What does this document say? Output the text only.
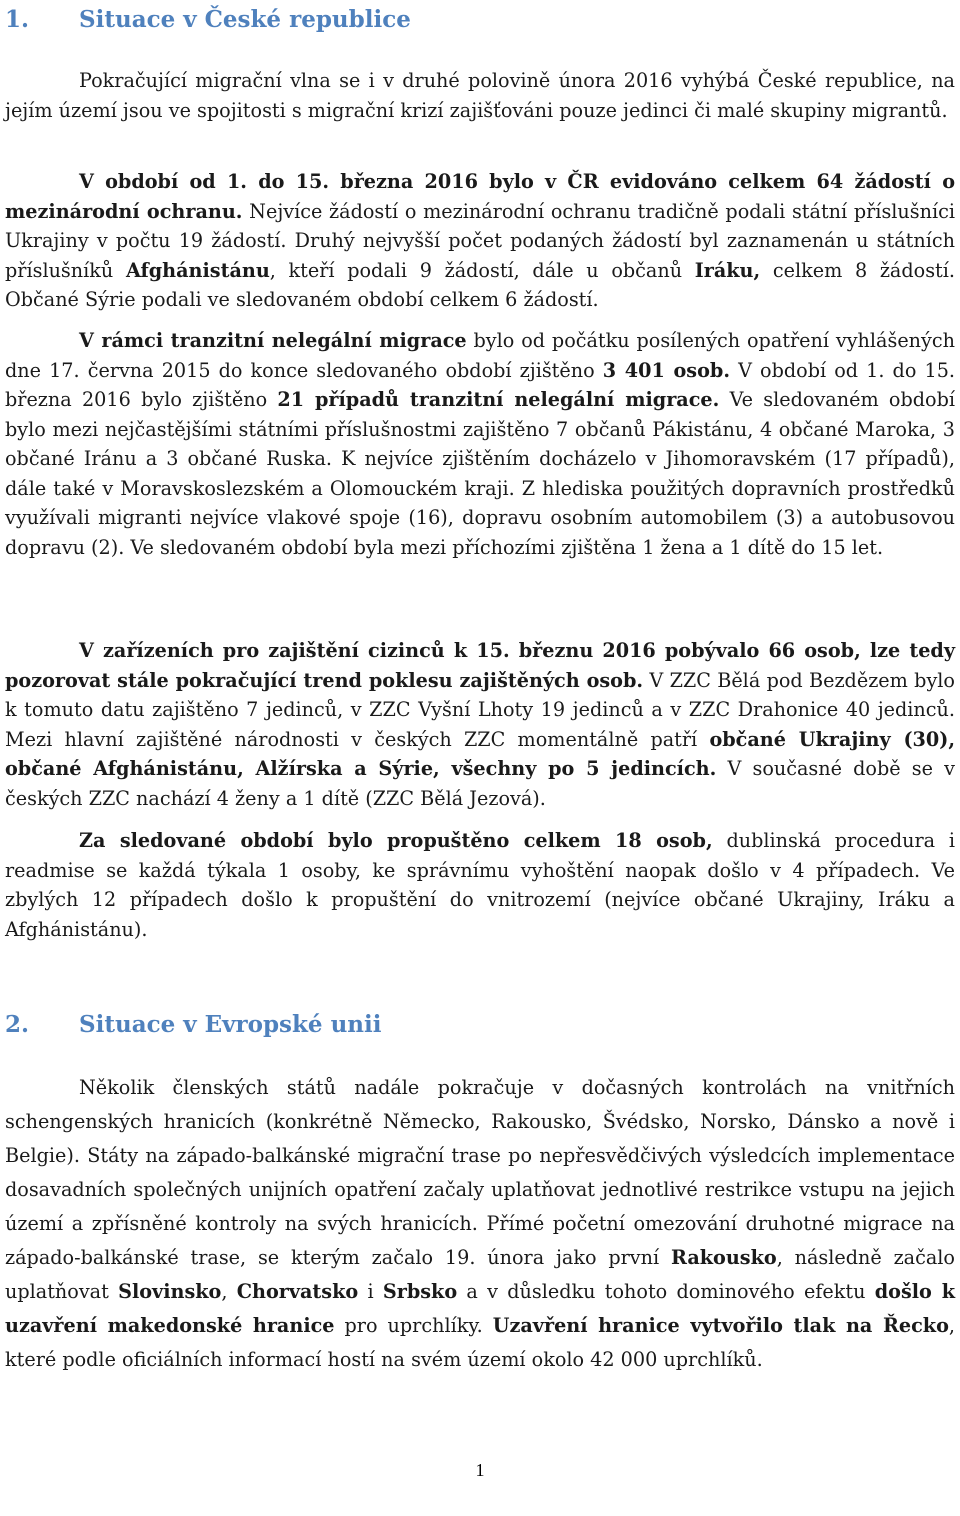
1. Situace v České republice
Pokračující migrační vlna se i v druhé polovině února 2016 vyhýbá České republice, na jejím území jsou ve spojitosti s migrační krizí zajišťováni pouze jedinci či malé skupiny migrantů.
V období od 1. do 15. března 2016 bylo v ČR evidováno celkem 64 žádostí o mezinárodní ochranu. Nejvíce žádostí o mezinárodní ochranu tradičně podali státní příslušníci Ukrajiny v počtu 19 žádostí. Druhý nejvyšší počet podaných žádostí byl zaznamenán u státních příslušníků Afghánistánu, kteří podali 9 žádostí, dále u občanů Iráku, celkem 8 žádostí. Občané Sýrie podali ve sledovaném období celkem 6 žádostí.
V rámci tranzitní nelegální migrace bylo od počátku posílených opatření vyhlášených dne 17. června 2015 do konce sledovaného období zjištěno 3 401 osob. V období od 1. do 15. března 2016 bylo zjištěno 21 případů tranzitní nelegální migrace. Ve sledovaném období bylo mezi nejčastějšími státními příslušnostmi zajištěno 7 občanů Pákistánu, 4 občané Maroka, 3 občané Iránu a 3 občané Ruska. K nejvíce zjištěním docházelo v Jihomoravském (17 případů), dále také v Moravskoslezském a Olomouckém kraji. Z hlediska použitých dopravních prostředků využívali migranti nejvíce vlakové spoje (16), dopravu osobním automobilem (3) a autobusovou dopravu (2). Ve sledovaném období byla mezi příchozími zjištěna 1 žena a 1 dítě do 15 let.
V zařízeních pro zajištění cizinců k 15. březnu 2016 pobývalo 66 osob, lze tedy pozorovat stále pokračující trend poklesu zajištěných osob. V ZZC Bělá pod Bezdězem bylo k tomuto datu zajištěno 7 jedinců, v ZZC Vyšní Lhoty 19 jedinců a v ZZC Drahonice 40 jedinců. Mezi hlavní zajištěné národnosti v českých ZZC momentálně patří občané Ukrajiny (30), občané Afghánistánu, Alžírska a Sýrie, všechny po 5 jedincích. V současné době se v českých ZZC nachází 4 ženy a 1 dítě (ZZC Bělá Jezová).
Za sledované období bylo propuštěno celkem 18 osob, dublinská procedura i readmise se každá týkala 1 osoby, ke správnímu vyhoštění naopak došlo v 4 případech. Ve zbylých 12 případech došlo k propuštění do vnitrozemí (nejvíce občané Ukrajiny, Iráku a Afghánistánu).
2. Situace v Evropské unii
Několik členských států nadále pokračuje v dočasných kontrolách na vnitřních schengenských hranicích (konkrétně Německo, Rakousko, Švédsko, Norsko, Dánsko a nově i Belgie). Státy na západo-balkánské migrační trase po nepřesvědčivých výsledcích implementace dosavadních společných unijních opatření začaly uplatňovat jednotlivé restrikce vstupu na jejich území a zpřísněné kontroly na svých hranicích. Přímé početní omezování druhotné migrace na západo-balkánské trase, se kterým začalo 19. února jako první Rakousko, následně začalo uplatňovat Slovinsko, Chorvatsko i Srbsko a v důsledku tohoto dominového efektu došlo k uzavření makedonské hranice pro uprchlíky. Uzavření hranice vytvořilo tlak na Řecko, které podle oficiálních informací hostí na svém území okolo 42 000 uprchlíků.
1
